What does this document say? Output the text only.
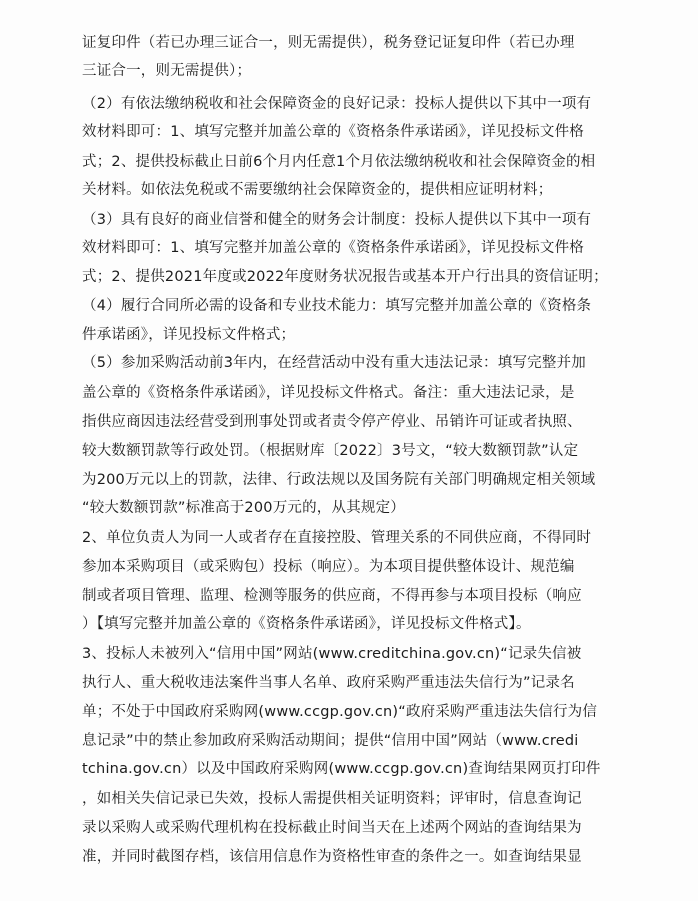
证复印件（若已办理三证合一，则无需提供），税务登记证复印件（若已办理
三证合一，则无需提供）；
（2）有依法缴纳税收和社会保障资金的良好记录：投标人提供以下其中一项有
效材料即可：1、填写完整并加盖公章的《资格条件承诺函》，详见投标文件格
式；2、提供投标截止日前6个月内任意1个月依法缴纳税收和社会保障资金的相
关材料。如依法免税或不需要缴纳社会保障资金的，提供相应证明材料；
（3）具有良好的商业信誉和健全的财务会计制度：投标人提供以下其中一项有
效材料即可：1、填写完整并加盖公章的《资格条件承诺函》，详见投标文件格
式；2、提供2021年度或2022年度财务状况报告或基本开户行出具的资信证明；
（4）履行合同所必需的设备和专业技术能力：填写完整并加盖公章的《资格条
件承诺函》，详见投标文件格式；
（5）参加采购活动前3年内，在经营活动中没有重大违法记录：填写完整并加
盖公章的《资格条件承诺函》，详见投标文件格式。备注：重大违法记录，是
指供应商因违法经营受到刑事处罚或者责令停产停业、吊销许可证或者执照、
较大数额罚款等行政处罚。（根据财库〔2022〕3号文，“较大数额罚款”认定
为200万元以上的罚款，法律、行政法规以及国务院有关部门明确规定相关领域
“较大数额罚款”标准高于200万元的，从其规定）
2、单位负责人为同一人或者存在直接控股、管理关系的不同供应商，不得同时
参加本采购项目（或采购包）投标（响应）。为本项目提供整体设计、规范编
制或者项目管理、监理、检测等服务的供应商，不得再参与本项目投标（响应
）【填写完整并加盖公章的《资格条件承诺函》，详见投标文件格式】。
3、投标人未被列入“信用中国”网站(www.creditchina.gov.cn)“记录失信被
执行人、重大税收违法案件当事人名单、政府采购严重违法失信行为”记录名
单；不处于中国政府采购网(www.ccgp.gov.cn)“政府采购严重违法失信行为信
息记录”中的禁止参加政府采购活动期间；提供“信用中国”网站（www.credi
tchina.gov.cn）以及中国政府采购网(www.ccgp.gov.cn)查询结果网页打印件
，如相关失信记录已失效，投标人需提供相关证明资料；评审时，信息查询记
录以采购人或采购代理机构在投标截止时间当天在上述两个网站的查询结果为
准，并同时截图存档，该信用信息作为资格性审查的条件之一。如查询结果显
